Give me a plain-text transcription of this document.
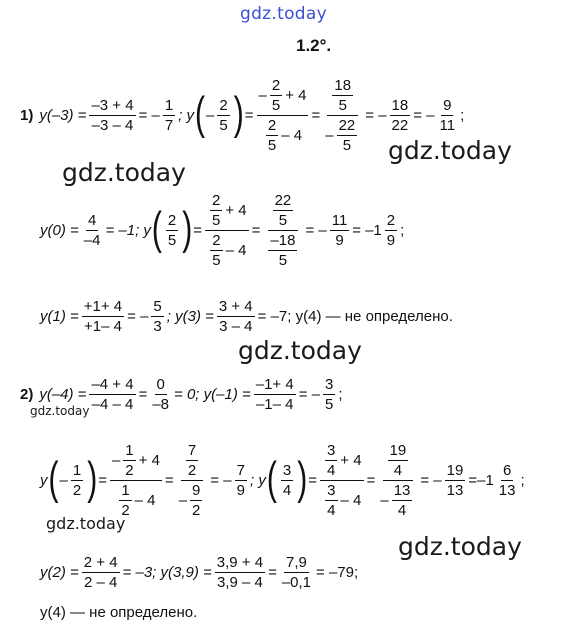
gdz.today
gdz.today
gdz.today
gdz.today
gdz.today
gdz.today
gdz.today
1.2°.
1) $y(-3) = \frac{-3 + 4}{-3 - 4}$ = – $\frac{1}{7}$ ; y ( – $\frac{2}{5}$ ) = $\frac{- \frac{2}{5} + 4}{\frac{2}{5} - 4} = \frac{\frac{18}{5}}{- \frac{22}{5}}$ = – $\frac{18}{22}$ = – $\frac{9}{11}$ ;
$y(0) = \frac{4}{-4} = -1$; y ( $\frac{2}{5}$ ) = $\frac{\frac{2}{5} + 4}{\frac{2}{5} - 4} = \frac{\frac{22}{5}}{\frac{-18}{5}}$ = – $\frac{11}{9} = -1 \frac{2}{9}$ ;
$y(1) = \frac{+1+ 4}{+1- 4}$ = – $\frac{5}{3}$ ; $y(3) = \frac{3 + 4}{3 - 4} = -7$; y(4) — не определено.
2) $y(-4) = \frac{-4 + 4}{-4 - 4} = \frac{0}{-8} = 0$; $y(-1) = \frac{-1+ 4}{-1- 4}$ = – $\frac{3}{5}$ ;
y ( – $\frac{1}{2}$ ) = $\frac{- \frac{1}{2} + 4}{\frac{1}{2} - 4} = \frac{\frac{7}{2}}{- \frac{9}{2}}$ = – $\frac{7}{9}$ ; y ( $\frac{3}{4}$ ) = $\frac{\frac{3}{4} + 4}{\frac{3}{4} - 4} = \frac{\frac{19}{4}}{- \frac{13}{4}}$ = – $\frac{19}{13} = -1 \frac{6}{13}$ ;
$y(2) = \frac{2 + 4}{2 - 4} = -3$; $y(3,9) = \frac{3,9 + 4}{3,9 - 4} = \frac{7,9}{-0,1} = -79$;
y(4) — не определено.
